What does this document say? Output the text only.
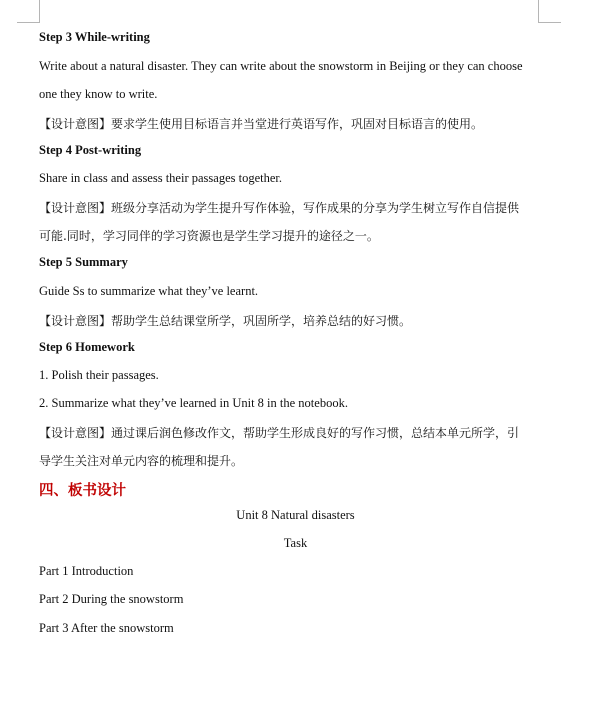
Step 3 While-writing
Write about a natural disaster. They can write about the snowstorm in Beijing or they can choose
one they know to write.
【设计意图】要求学生使用目标语言并当堂进行英语写作，巩固对目标语言的使用。
Step 4 Post-writing
Share in class and assess their passages together.
【设计意图】班级分享活动为学生提升写作体验，写作成果的分享为学生树立写作自信提供
可能.同时，学习同伴的学习资源也是学生学习提升的途径之一。
Step 5 Summary
Guide Ss to summarize what they’ve learnt.
【设计意图】帮助学生总结课堂所学，巩固所学，培养总结的好习惯。
Step 6 Homework
1. Polish their passages.
2. Summarize what they’ve learned in Unit 8 in the notebook.
【设计意图】通过课后润色修改作文，帮助学生形成良好的写作习惯，总结本单元所学，引
导学生关注对单元内容的梳理和提升。
四、板书设计
Unit 8 Natural disasters
Task
Part 1 Introduction
Part 2 During the snowstorm
Part 3 After the snowstorm
